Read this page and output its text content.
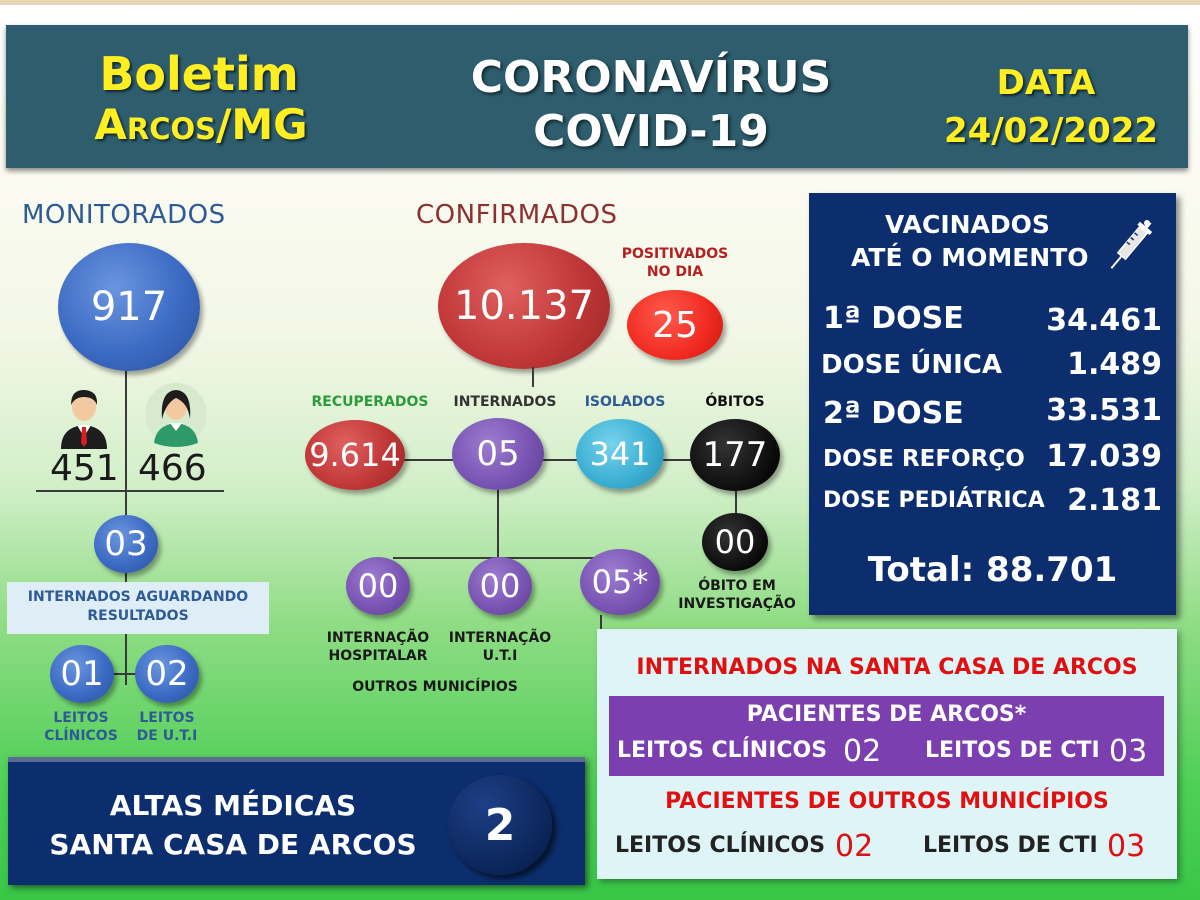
Boletim
Arcos/MG
CORONAVÍRUS
COVID-19
DATA
24/02/2022
MONITORADOS
917
451 466
03
INTERNADOS AGUARDANDO RESULTADOS
01 02
LEITOS
CLÍNICOS
LEITOS
DE U.T.I
CONFIRMADOS
10.137
POSITIVADOS
NO DIA
25
RECUPERADOS	INTERNADOS	ISOLADOS	ÓBITOS
9.614 05 341 177
00
ÓBITO EM
INVESTIGAÇÃO
00	00 05*
INTERNAÇÃO
HOSPITALAR
INTERNAÇÃO
U.T.I
OUTROS MUNICÍPIOS
VACINADOS
ATÉ O MOMENTO
1ª DOSE	34.461
DOSE ÚNICA 1.489
2ª DOSE	33.531
DOSE REFORÇO 17.039
DOSE PEDIÁTRICA 2.181
Total: 88.701
ALTAS MÉDICAS
SANTA CASA DE ARCOS	2
INTERNADOS NA SANTA CASA DE ARCOS
PACIENTES DE ARCOS*
LEITOS CLÍNICOS 02 LEITOS DE CTI 03
PACIENTES DE OUTROS MUNICÍPIOS
LEITOS CLÍNICOS 02 LEITOS DE CTI 03
